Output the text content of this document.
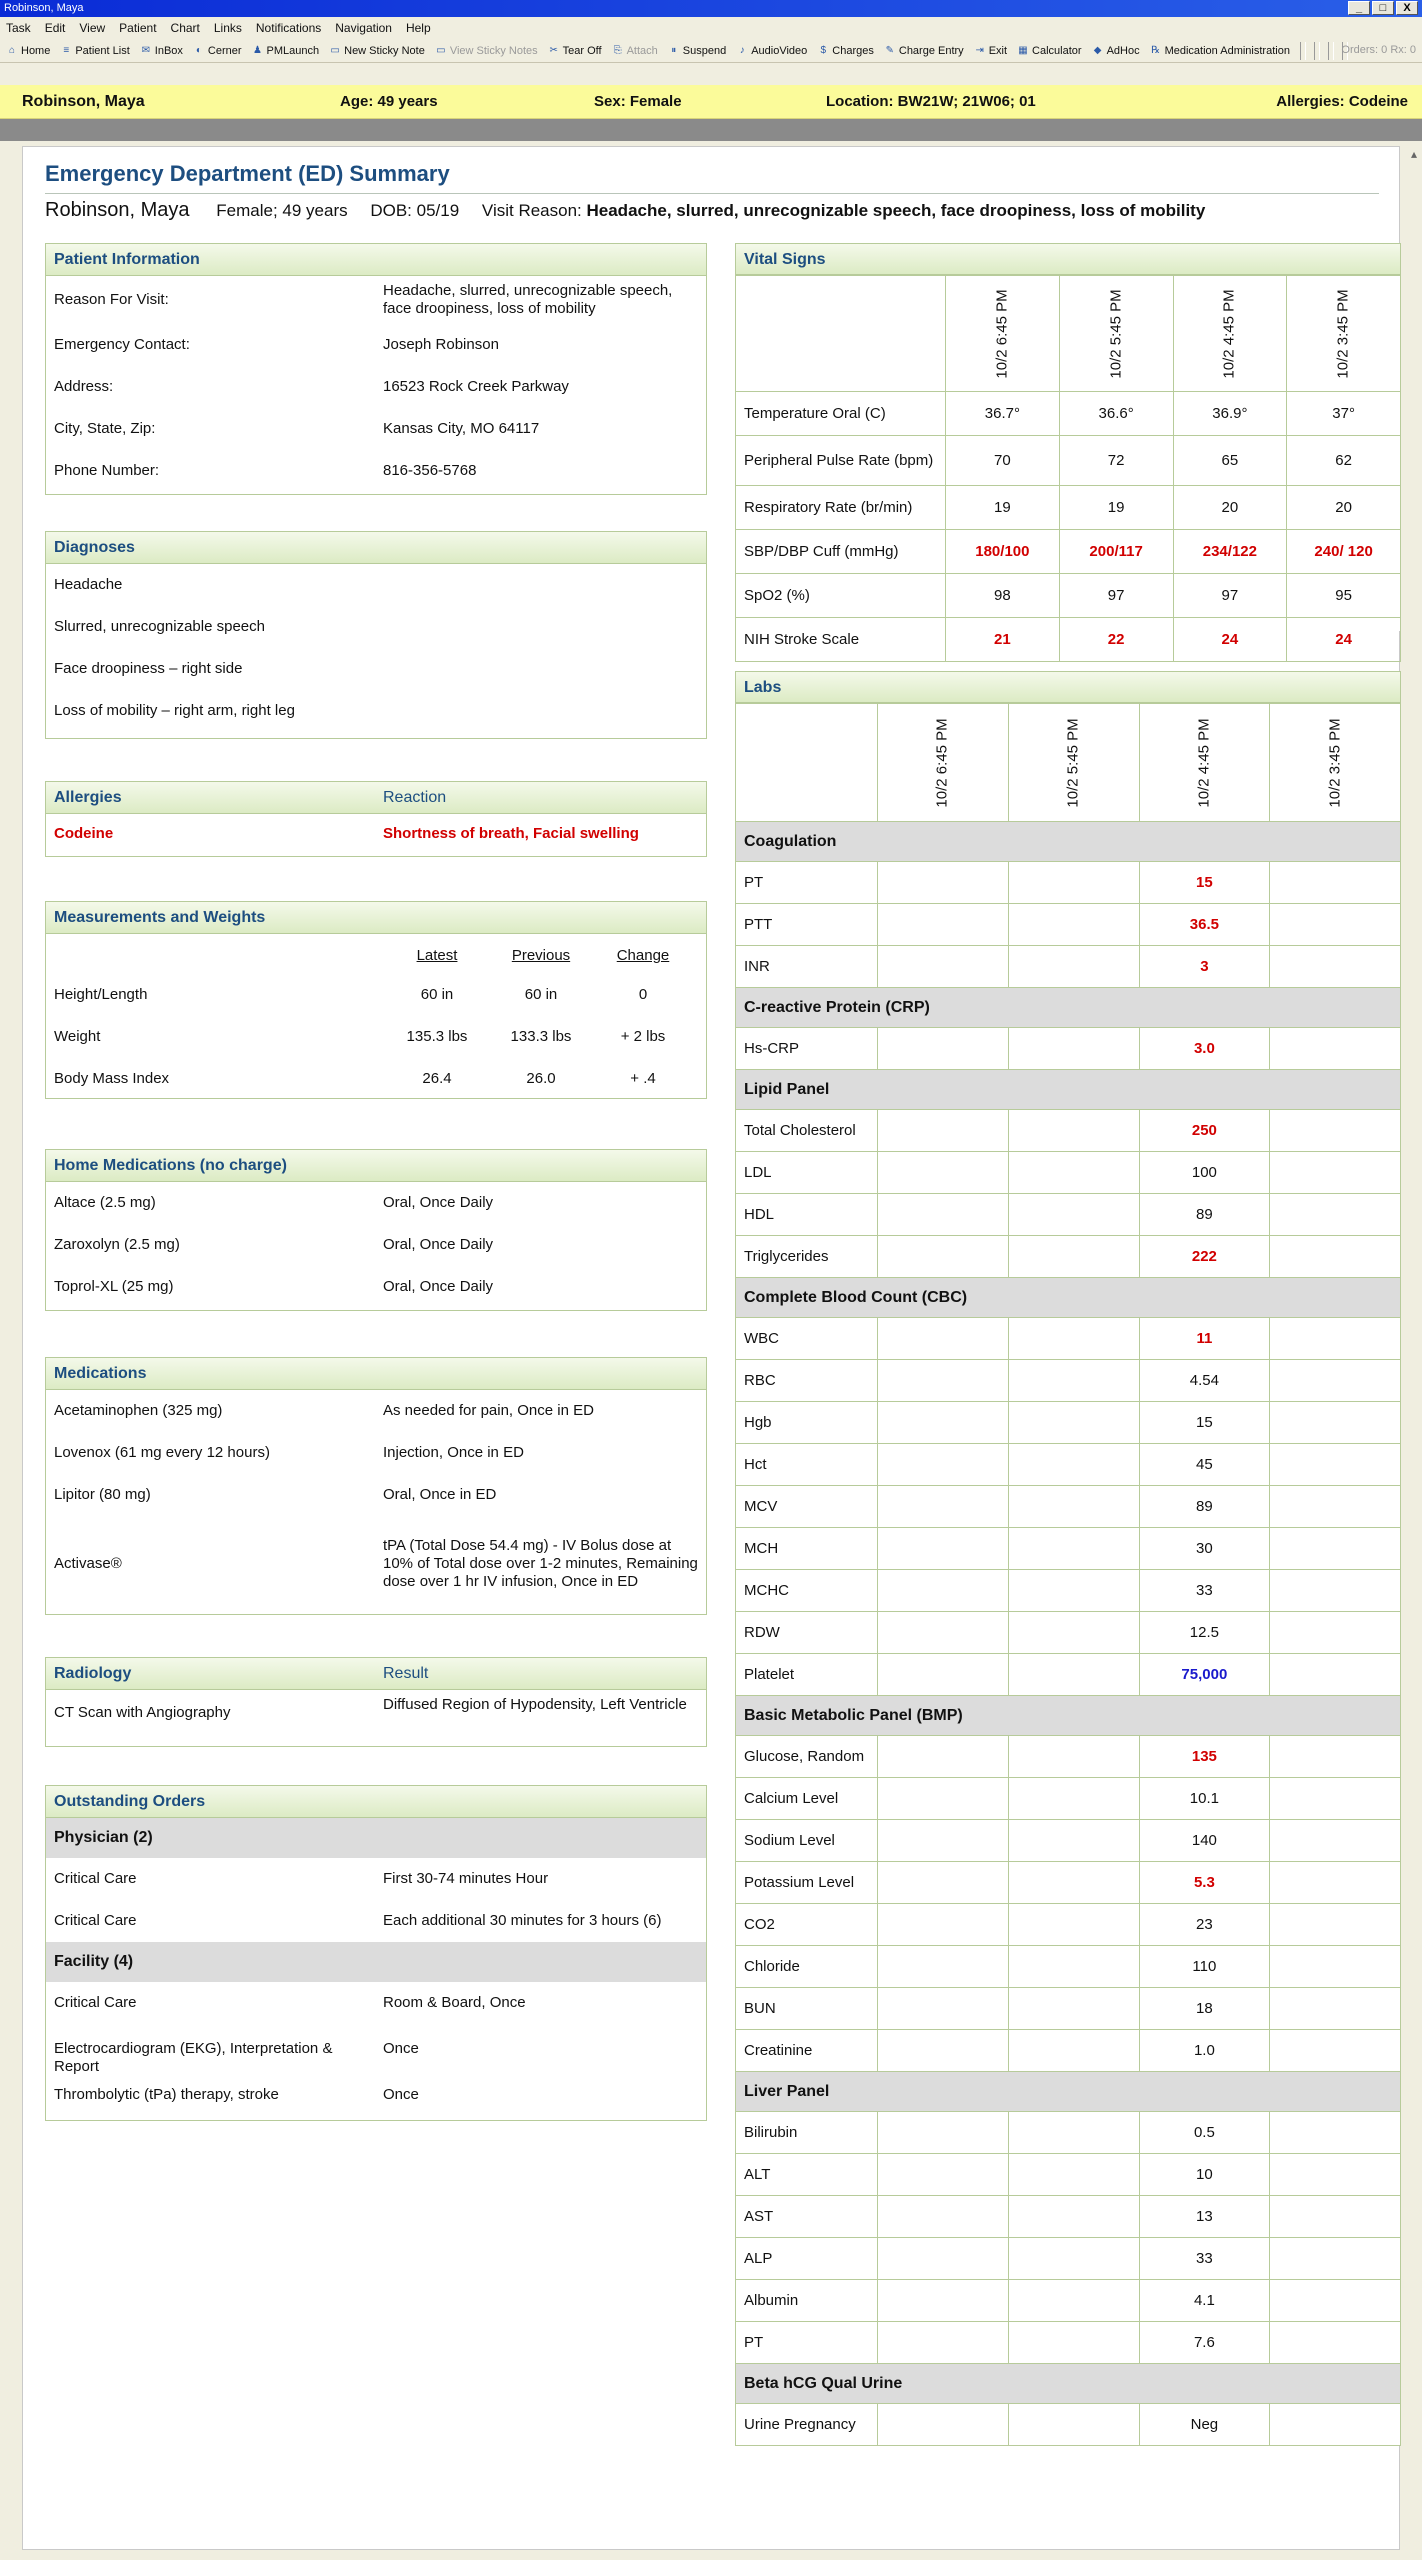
Robinson, Maya	_	□	X
Task Edit View Patient Chart Links Notifications Navigation Help
⌂ Home	≡ Patient List ✉ InBox ◐ Cerner ♟ PMLaunch ▭ New Sticky Note ▭ View Sticky Notes ✂ Tear Off ⎘ Attach	⏸ Suspend	♪ AudioVideo	$ Charges ✎ Charge Entry ⇥ Exit ▦ Calculator ◆ AdHoc ℞ Medication Administration	Orders: 0 Rx: 0
Robinson, Maya	Age: 49 years	Sex: Female	Location: BW21W; 21W06; 01	Allergies: Codeine
▴
Emergency Department (ED) Summary
Robinson, Maya Female; 49 years DOB: 05/19 Visit Reason: Headache, slurred, unrecognizable speech, face droopiness, loss of mobility
Patient Information
Reason For Visit:
Headache, slurred, unrecognizable speech, face droopiness, loss of mobility
Emergency Contact:	Joseph Robinson
Address:	16523 Rock Creek Parkway
City, State, Zip:	Kansas City, MO 64117
Phone Number:	816-356-5768
Diagnoses
Headache
Slurred, unrecognizable speech
Face droopiness – right side
Loss of mobility – right arm, right leg
Allergies	Reaction
Codeine	Shortness of breath, Facial swelling
Measurements and Weights
Latest	Previous	Change
Height/Length	60 in	60 in	0
Weight	135.3 lbs	133.3 lbs	+ 2 lbs
Body Mass Index	26.4	26.0	+ .4
Home Medications (no charge)
Altace (2.5 mg)	Oral, Once Daily
Zaroxolyn (2.5 mg)	Oral, Once Daily
Toprol-XL (25 mg)	Oral, Once Daily
Medications
Acetaminophen (325 mg)	As needed for pain, Once in ED
Lovenox (61 mg every 12 hours)	Injection, Once in ED
Lipitor (80 mg)	Oral, Once in ED
Activase®
tPA (Total Dose 54.4 mg) - IV Bolus dose at 10% of Total dose over 1-2 minutes, Remaining dose over 1 hr IV infusion, Once in ED
Radiology	Result
CT Scan with Angiography	Diffused Region of Hypodensity, Left Ventricle
Outstanding Orders
Physician (2)
Critical Care	First 30-74 minutes Hour
Critical Care	Each additional 30 minutes for 3 hours (6)
Facility (4)
Critical Care	Room & Board, Once
Electrocardiogram (EKG), Interpretation & Report
Once
Thrombolytic (tPa) therapy, stroke	Once
Vital Signs
	10/2 6:45 PM	10/2 5:45 PM	10/2 4:45 PM	10/2 3:45 PM
Temperature Oral (C)	36.7°	36.6°	36.9°	37°
Peripheral Pulse Rate (bpm)	70	72	65	62
Respiratory Rate (br/min)	19	19	20	20
SBP/DBP Cuff (mmHg)	180/100	200/117	234/122	240/ 120
SpO2 (%)	98	97	97	95
NIH Stroke Scale	21	22	24	24
Labs
	10/2 6:45 PM	10/2 5:45 PM	10/2 4:45 PM	10/2 3:45 PM
Coagulation				
PT			15	
PTT			36.5	
INR			3	
C-reactive Protein (CRP)				
Hs-CRP			3.0	
Lipid Panel				
Total Cholesterol			250	
LDL			100	
HDL			89	
Triglycerides			222	
Complete Blood Count (CBC)				
WBC			11	
RBC			4.54	
Hgb			15	
Hct			45	
MCV			89	
MCH			30	
MCHC			33	
RDW			12.5	
Platelet			75,000	
Basic Metabolic Panel (BMP)				
Glucose, Random			135	
Calcium Level			10.1	
Sodium Level			140	
Potassium Level			5.3	
CO2			23	
Chloride			110	
BUN			18	
Creatinine			1.0	
Liver Panel				
Bilirubin			0.5	
ALT			10	
AST			13	
ALP			33	
Albumin			4.1	
PT			7.6	
Beta hCG Qual Urine				
Urine Pregnancy			Neg	
